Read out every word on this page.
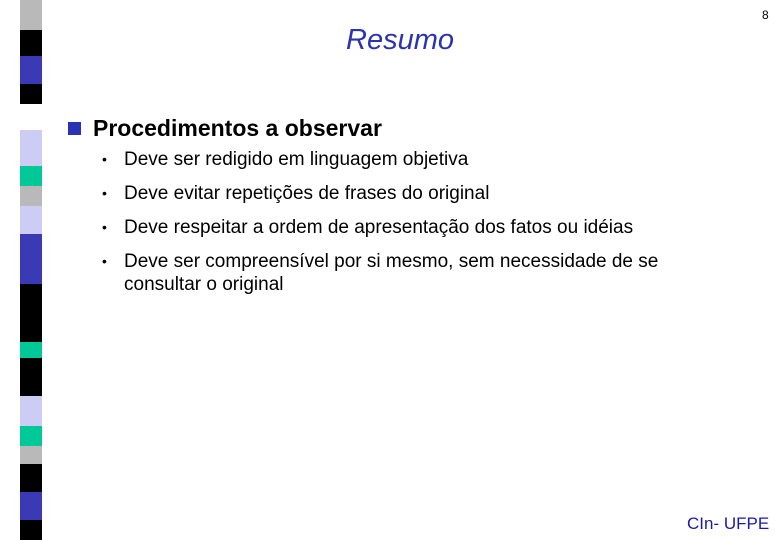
Resumo
8
Procedimentos a observar
• Deve ser redigido em linguagem objetiva
• Deve evitar repetições de frases do original
• Deve respeitar a ordem de apresentação dos fatos ou idéias
• Deve ser compreensível por si mesmo, sem necessidade de se consultar o original
CIn- UFPE
